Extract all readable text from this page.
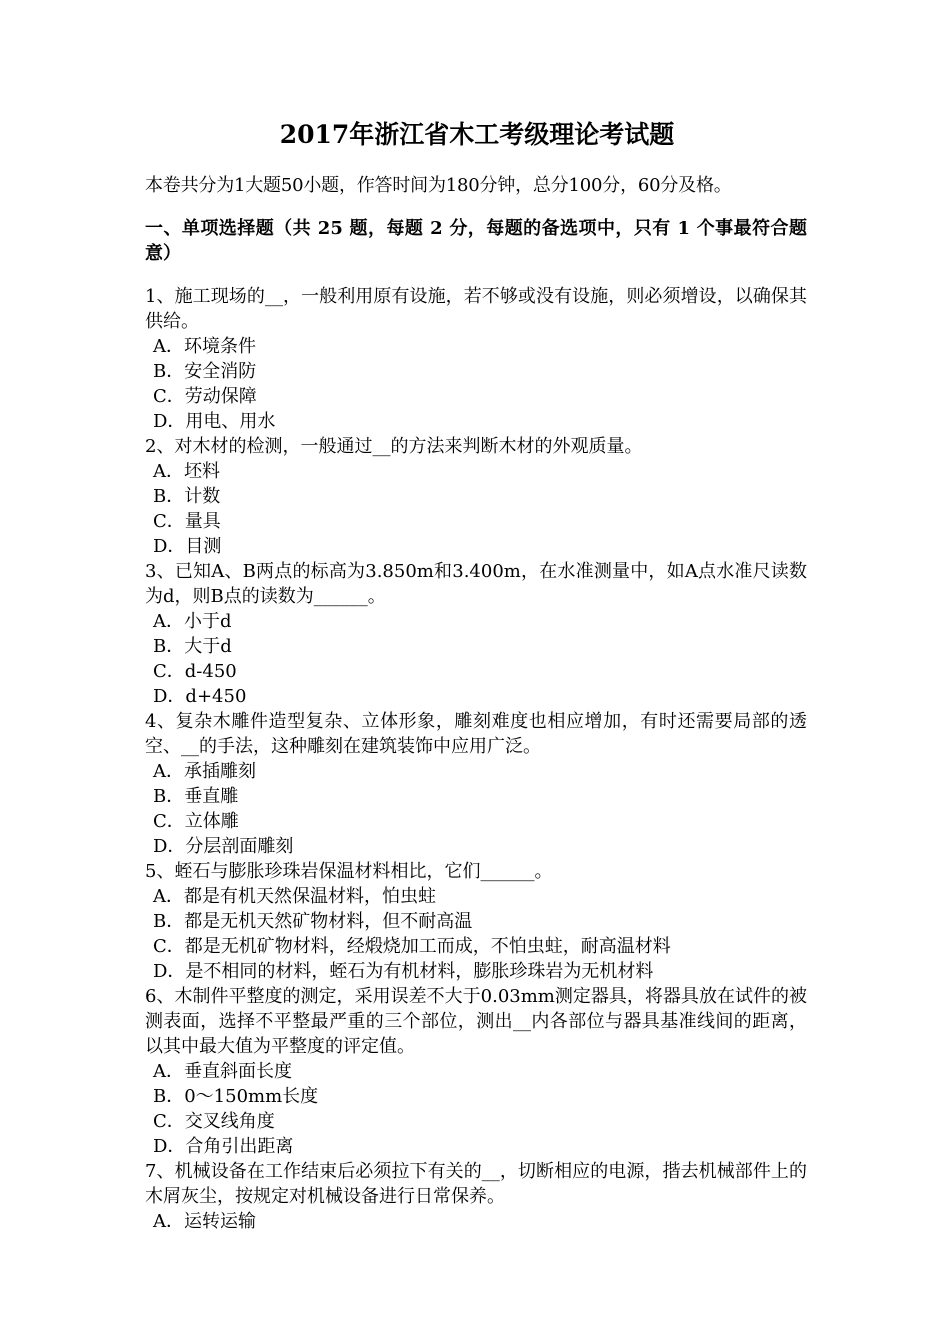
2017年浙江省木工考级理论考试题

本卷共分为1大题50小题，作答时间为180分钟，总分100分，60分及格。

一、单项选择题（共 25 题，每题 2 分，每题的备选项中，只有 1 个事最符合题意）

1、施工现场的__，一般利用原有设施，若不够或没有设施，则必须增设，以确保其供给。

A．环境条件

B．安全消防

C．劳动保障

D．用电、用水

2、对木材的检测，一般通过__的方法来判断木材的外观质量。

A．坯料

B．计数

C．量具

D．目测

3、已知A、B两点的标高为3.850m和3.400m，在水准测量中，如A点水准尺读数为d，则B点的读数为______。

A．小于d

B．大于d

C．d-450

D．d+450

4、复杂木雕件造型复杂、立体形象，雕刻难度也相应增加，有时还需要局部的透空、__的手法，这种雕刻在建筑装饰中应用广泛。

A．承插雕刻

B．垂直雕

C．立体雕

D．分层剖面雕刻

5、蛭石与膨胀珍珠岩保温材料相比，它们______。

A．都是有机天然保温材料，怕虫蛀

B．都是无机天然矿物材料，但不耐高温

C．都是无机矿物材料，经煅烧加工而成，不怕虫蛀，耐高温材料

D．是不相同的材料，蛭石为有机材料，膨胀珍珠岩为无机材料

6、木制件平整度的测定，采用误差不大于0.03mm测定器具，将器具放在试件的被测表面，选择不平整最严重的三个部位，测出__内各部位与器具基准线间的距离，以其中最大值为平整度的评定值。

A．垂直斜面长度

B．0～150mm长度

C．交叉线角度

D．合角引出距离

7、机械设备在工作结束后必须拉下有关的__，切断相应的电源，揩去机械部件上的木屑灰尘，按规定对机械设备进行日常保养。

A．运转运输
